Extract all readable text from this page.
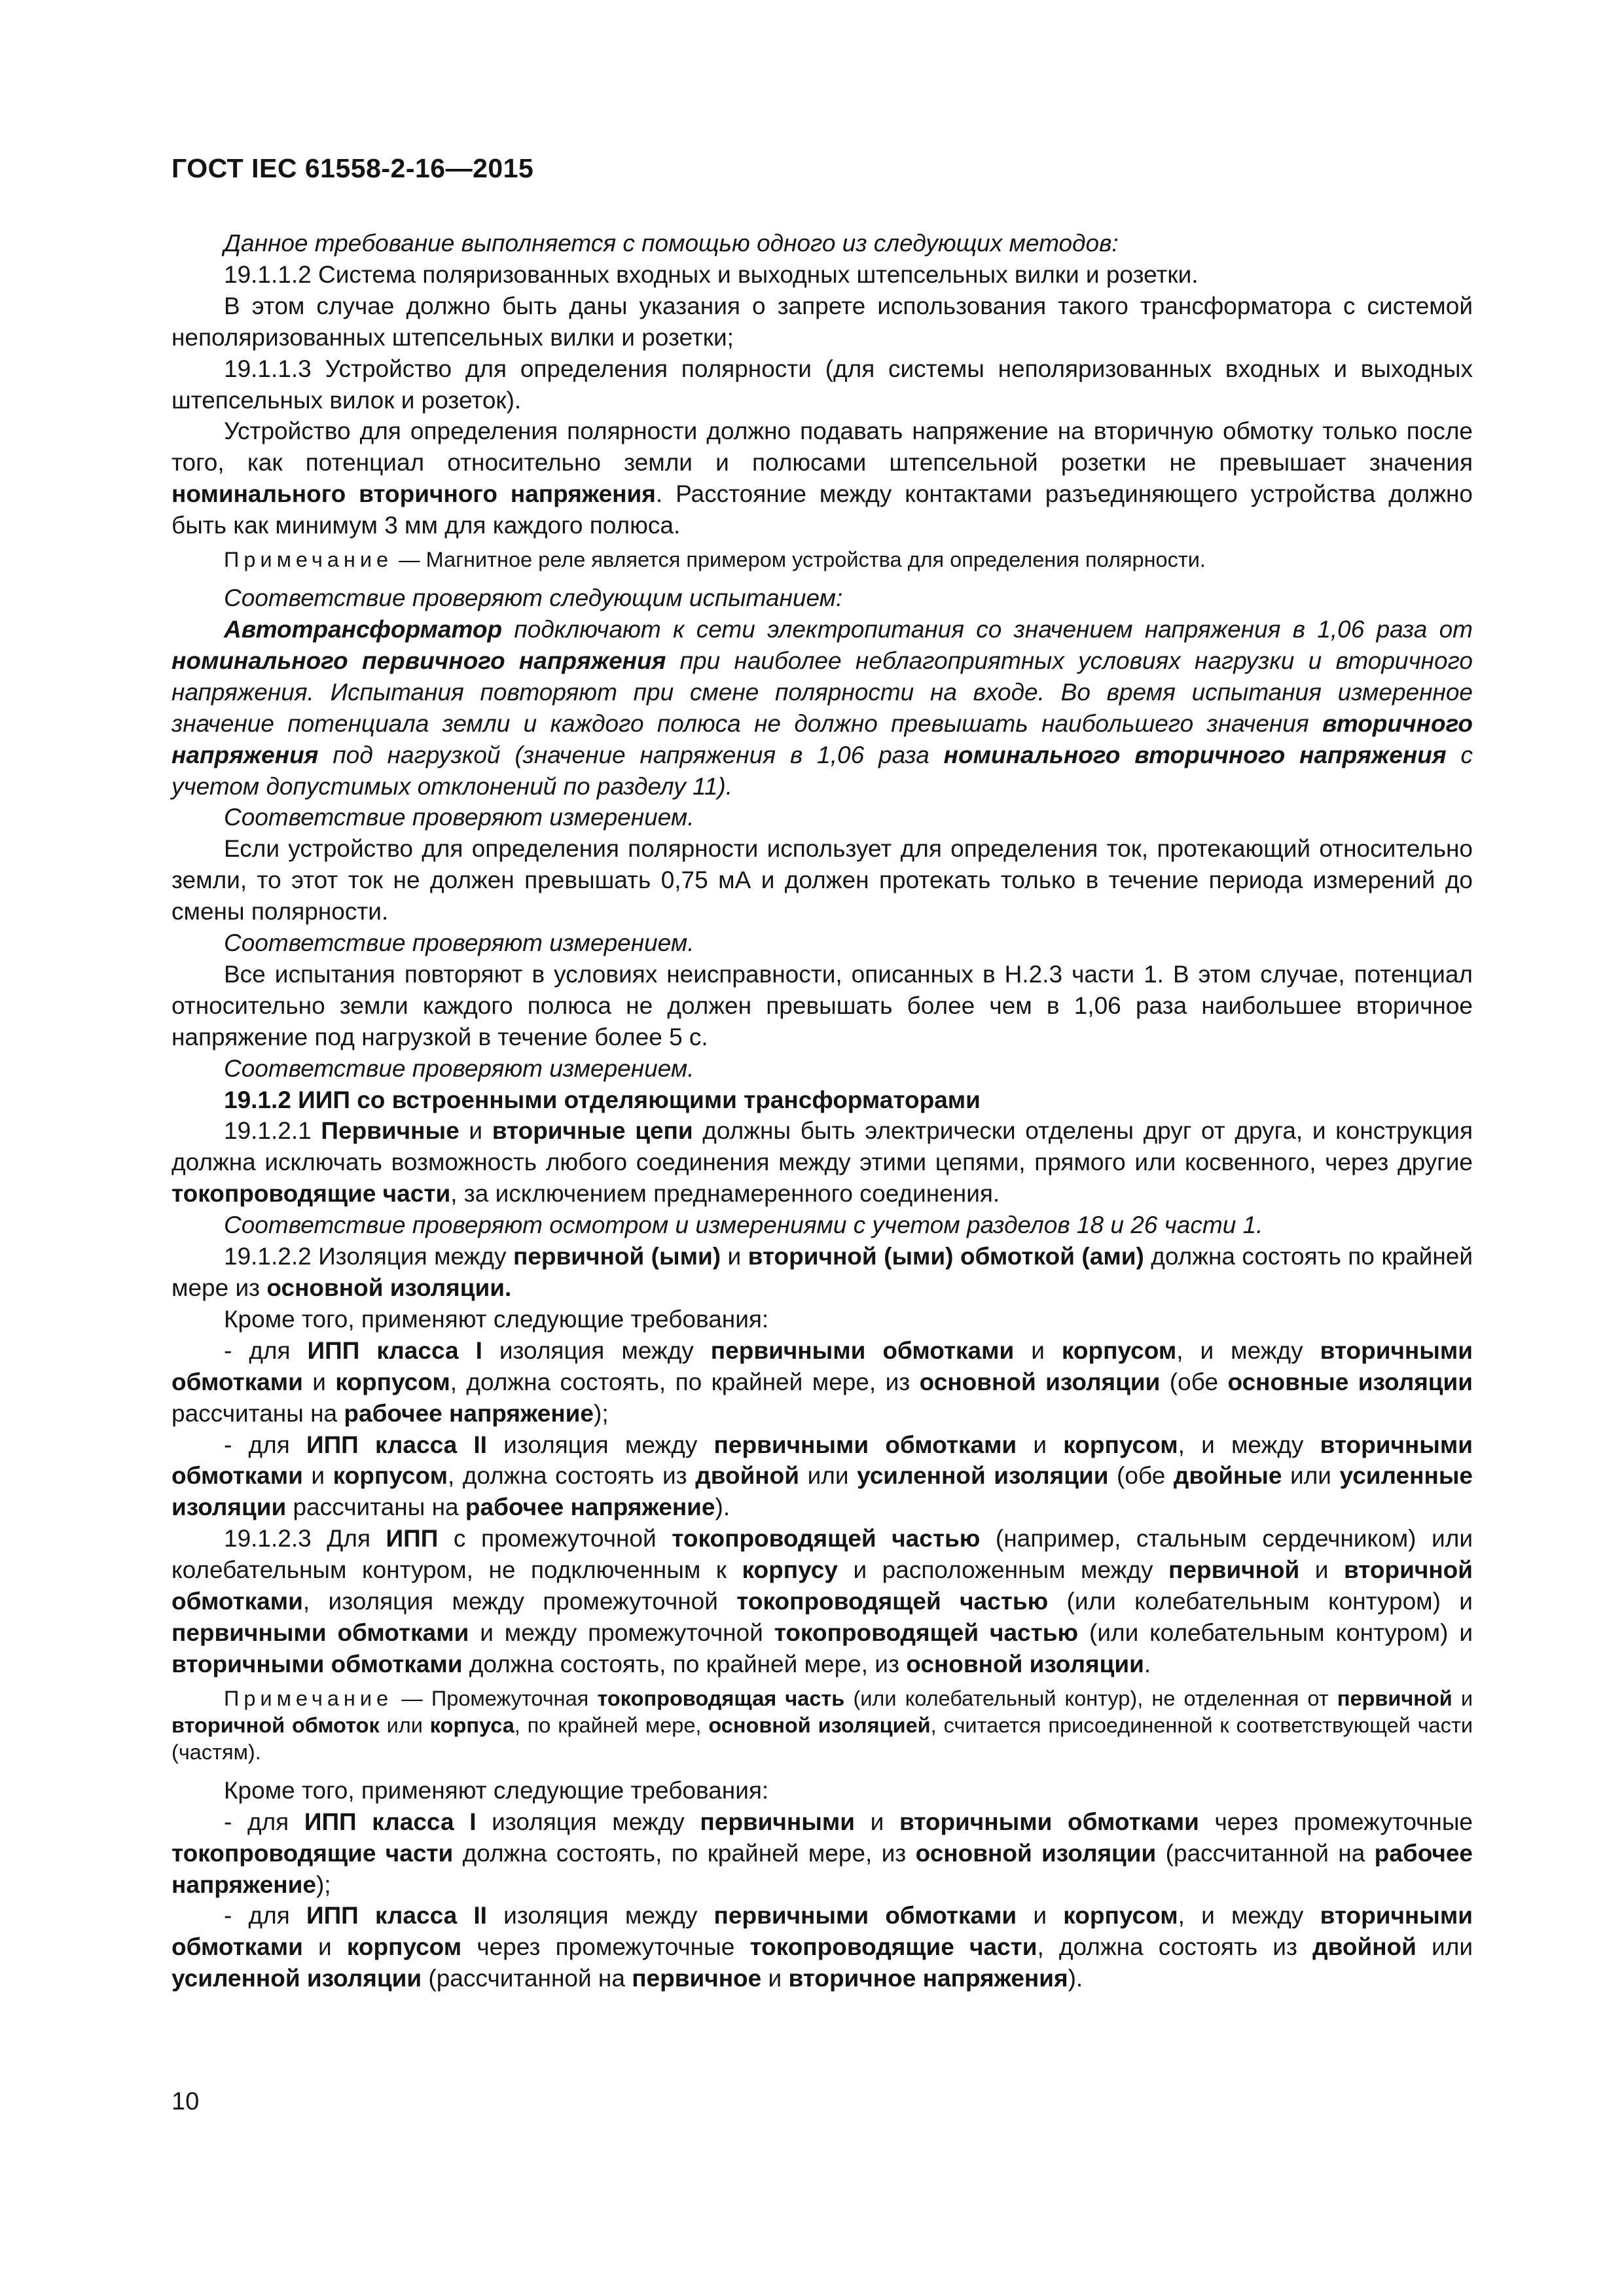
ГОСТ IEC 61558-2-16—2015

Данное требование выполняется с помощью одного из следующих методов:

19.1.1.2 Система поляризованных входных и выходных штепсельных вилки и розетки.

В этом случае должно быть даны указания о запрете использования такого трансформатора с системой неполяризованных штепсельных вилки и розетки;

19.1.1.3 Устройство для определения полярности (для системы неполяризованных входных и выходных штепсельных вилок и розеток).

Устройство для определения полярности должно подавать напряжение на вторичную обмотку только после того, как потенциал относительно земли и полюсами штепсельной розетки не превышает значения номинального вторичного напряжения. Расстояние между контактами разъединяющего устройства должно быть как минимум 3 мм для каждого полюса.

Примечание — Магнитное реле является примером устройства для определения полярности.

Соответствие проверяют следующим испытанием:

Автотрансформатор подключают к сети электропитания со значением напряжения в 1,06 раза от номинального первичного напряжения при наиболее неблагоприятных условиях нагрузки и вторичного напряжения. Испытания повторяют при смене полярности на входе. Во время испытания измеренное значение потенциала земли и каждого полюса не должно превышать наибольшего значения вторичного напряжения под нагрузкой (значение напряжения в 1,06 раза номинального вторичного напряжения с учетом допустимых отклонений по разделу 11).

Соответствие проверяют измерением.

Если устройство для определения полярности использует для определения ток, протекающий относительно земли, то этот ток не должен превышать 0,75 мА и должен протекать только в течение периода измерений до смены полярности.

Соответствие проверяют измерением.

Все испытания повторяют в условиях неисправности, описанных в Н.2.3 части 1. В этом случае, потенциал относительно земли каждого полюса не должен превышать более чем в 1,06 раза наибольшее вторичное напряжение под нагрузкой в течение более 5 с.

Соответствие проверяют измерением.

19.1.2 ИИП со встроенными отделяющими трансформаторами

19.1.2.1 Первичные и вторичные цепи должны быть электрически отделены друг от друга, и конструкция должна исключать возможность любого соединения между этими цепями, прямого или косвенного, через другие токопроводящие части, за исключением преднамеренного соединения.

Соответствие проверяют осмотром и измерениями с учетом разделов 18 и 26 части 1.

19.1.2.2 Изоляция между первичной (ыми) и вторичной (ыми) обмоткой (ами) должна состоять по крайней мере из основной изоляции.

Кроме того, применяют следующие требования:

- для ИПП класса I изоляция между первичными обмотками и корпусом, и между вторичными обмотками и корпусом, должна состоять, по крайней мере, из основной изоляции (обе основные изоляции рассчитаны на рабочее напряжение);

- для ИПП класса II изоляция между первичными обмотками и корпусом, и между вторичными обмотками и корпусом, должна состоять из двойной или усиленной изоляции (обе двойные или усиленные изоляции рассчитаны на рабочее напряжение).

19.1.2.3 Для ИПП с промежуточной токопроводящей частью (например, стальным сердечником) или колебательным контуром, не подключенным к корпусу и расположенным между первичной и вторичной обмотками, изоляция между промежуточной токопроводящей частью (или колебательным контуром) и первичными обмотками и между промежуточной токопроводящей частью (или колебательным контуром) и вторичными обмотками должна состоять, по крайней мере, из основной изоляции.

Примечание — Промежуточная токопроводящая часть (или колебательный контур), не отделенная от первичной и вторичной обмоток или корпуса, по крайней мере, основной изоляцией, считается присоединенной к соответствующей части (частям).

Кроме того, применяют следующие требования:

- для ИПП класса I изоляция между первичными и вторичными обмотками через промежуточные токопроводящие части должна состоять, по крайней мере, из основной изоляции (рассчитанной на рабочее напряжение);

- для ИПП класса II изоляция между первичными обмотками и корпусом, и между вторичными обмотками и корпусом через промежуточные токопроводящие части, должна состоять из двойной или усиленной изоляции (рассчитанной на первичное и вторичное напряжения).

10
